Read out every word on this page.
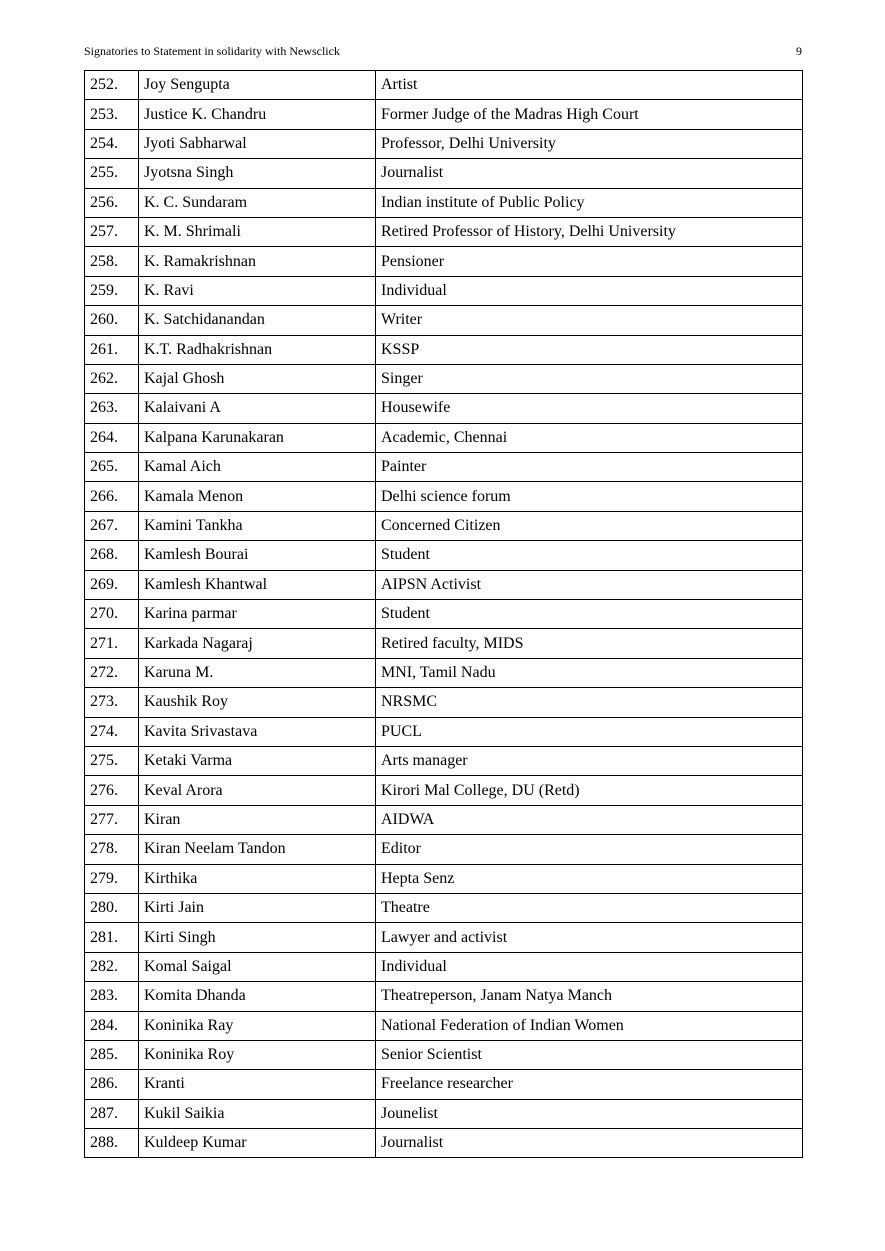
Signatories to Statement in solidarity with Newsclick	9
252.	Joy Sengupta	Artist
253.	Justice K. Chandru	Former Judge of the Madras High Court
254.	Jyoti Sabharwal	Professor, Delhi University
255.	Jyotsna Singh	Journalist
256.	K. C. Sundaram	Indian institute of Public Policy
257.	K. M. Shrimali	Retired Professor of History, Delhi University
258.	K. Ramakrishnan	Pensioner
259.	K. Ravi	Individual
260.	K. Satchidanandan	Writer
261.	K.T. Radhakrishnan	KSSP
262.	Kajal Ghosh	Singer
263.	Kalaivani A	Housewife
264.	Kalpana Karunakaran	Academic, Chennai
265.	Kamal Aich	Painter
266.	Kamala Menon	Delhi science forum
267.	Kamini Tankha	Concerned Citizen
268.	Kamlesh Bourai	Student
269.	Kamlesh Khantwal	AIPSN Activist
270.	Karina parmar	Student
271.	Karkada Nagaraj	Retired faculty, MIDS
272.	Karuna M.	MNI, Tamil Nadu
273.	Kaushik Roy	NRSMC
274.	Kavita Srivastava	PUCL
275.	Ketaki Varma	Arts manager
276.	Keval Arora	Kirori Mal College, DU (Retd)
277.	Kiran	AIDWA
278.	Kiran Neelam Tandon	Editor
279.	Kirthika	Hepta Senz
280.	Kirti Jain	Theatre
281.	Kirti Singh	Lawyer and activist
282.	Komal Saigal	Individual
283.	Komita Dhanda	Theatreperson, Janam Natya Manch
284.	Koninika Ray	National Federation of Indian Women
285.	Koninika Roy	Senior Scientist
286.	Kranti	Freelance researcher
287.	Kukil Saikia	Jounelist
288.	Kuldeep Kumar	Journalist
